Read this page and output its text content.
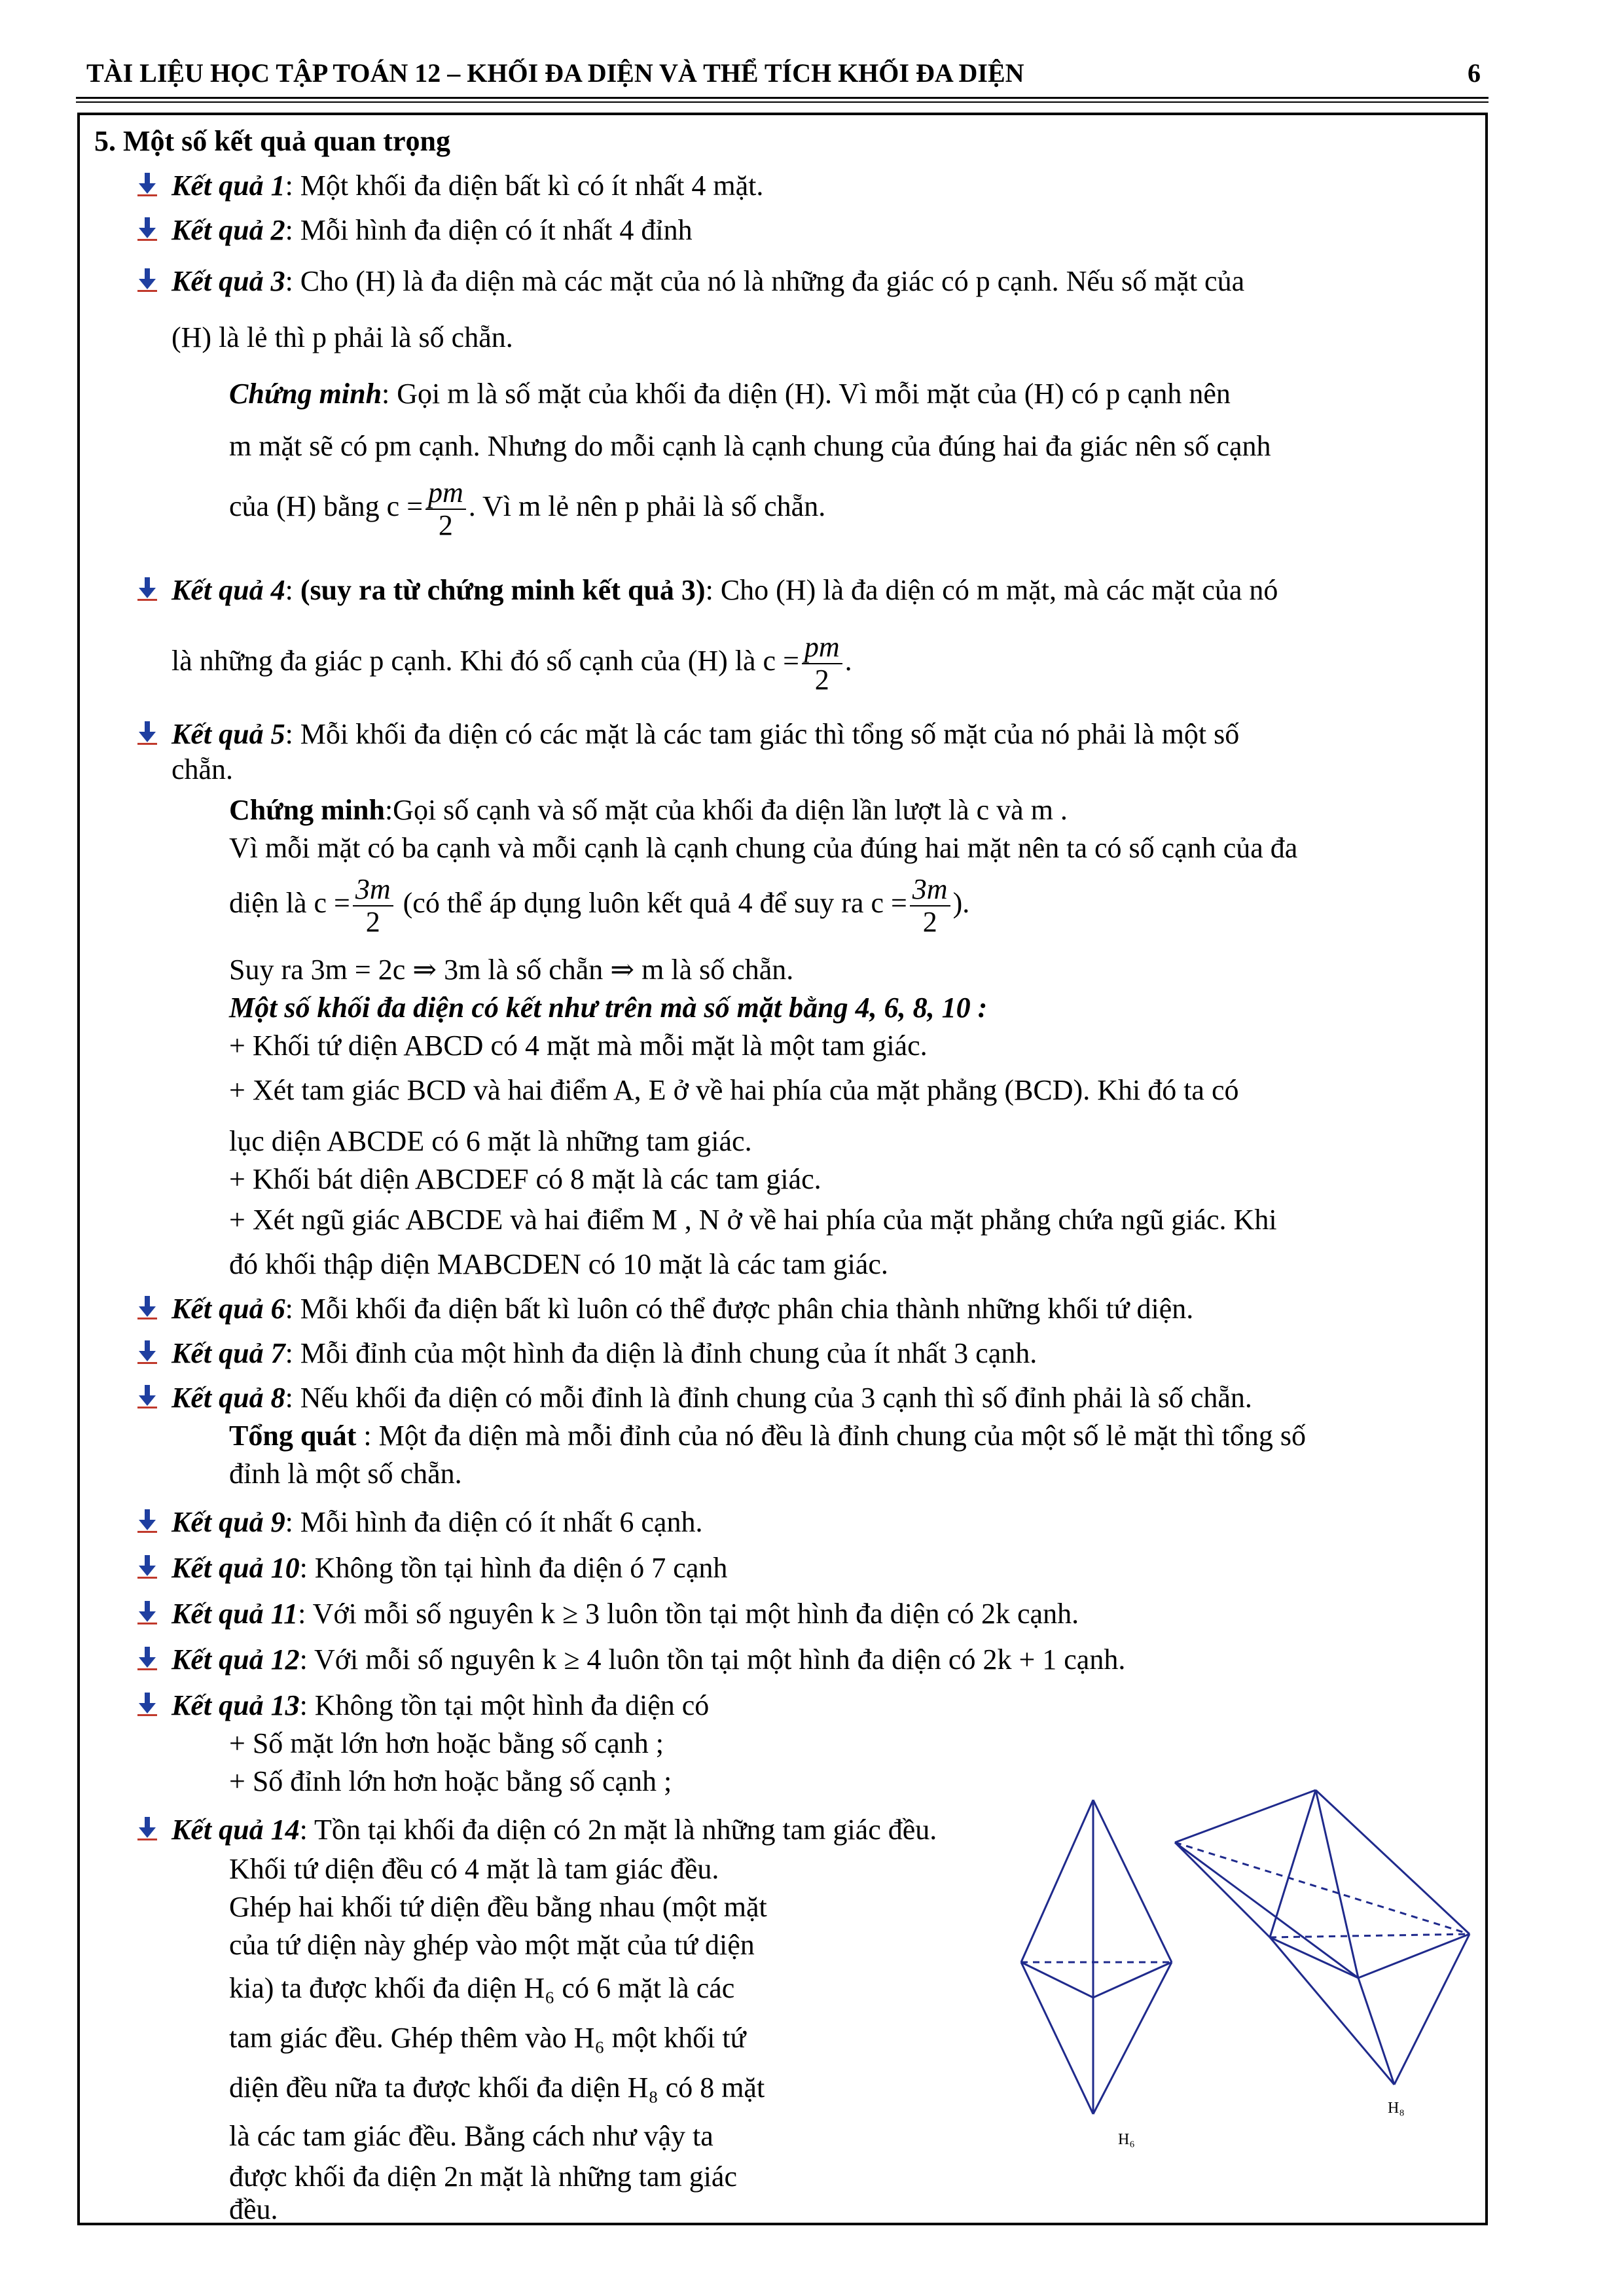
TÀI LIỆU HỌC TẬP TOÁN 12 – KHỐI ĐA DIỆN VÀ THỂ TÍCH KHỐI ĐA DIỆN	6
5. Một số kết quả quan trọng
Kết quả 1: Một khối đa diện bất kì có ít nhất 4 mặt.
Kết quả 2: Mỗi hình đa diện có ít nhất 4 đỉnh
Kết quả 3: Cho (H) là đa diện mà các mặt của nó là những đa giác có p cạnh. Nếu số mặt của
(H) là lẻ thì p phải là số chẵn.
Chứng minh: Gọi m là số mặt của khối đa diện (H). Vì mỗi mặt của (H) có p cạnh nên
m mặt sẽ có pm cạnh. Nhưng do mỗi cạnh là cạnh chung của đúng hai đa giác nên số cạnh
của (H) bằng $c = \frac{pm}{2}$ . Vì m lẻ nên p phải là số chẵn.
Kết quả 4: (suy ra từ chứng minh kết quả 3): Cho (H) là đa diện có m mặt, mà các mặt của nó
là những đa giác p cạnh. Khi đó số cạnh của (H) là $c = \frac{pm}{2}$ .
Kết quả 5: Mỗi khối đa diện có các mặt là các tam giác thì tổng số mặt của nó phải là một số
chẵn.
Chứng minh:Gọi số cạnh và số mặt của khối đa diện lần lượt là c và m .
Vì mỗi mặt có ba cạnh và mỗi cạnh là cạnh chung của đúng hai mặt nên ta có số cạnh của đa
diện là $c = \frac{3m}{2}$ (có thể áp dụng luôn kết quả 4 để suy ra $c = \frac{3m}{2}$ ).
Suy ra 3m = 2c ⇒ 3m là số chẵn ⇒ m là số chẵn.
Một số khối đa diện có kết như trên mà số mặt bằng 4, 6, 8, 10 :
+ Khối tứ diện ABCD có 4 mặt mà mỗi mặt là một tam giác.
+ Xét tam giác BCD và hai điểm A, E ở về hai phía của mặt phẳng (BCD). Khi đó ta có
lục diện ABCDE có 6 mặt là những tam giác.
+ Khối bát diện ABCDEF có 8 mặt là các tam giác.
+ Xét ngũ giác ABCDE và hai điểm M , N ở về hai phía của mặt phẳng chứa ngũ giác. Khi
đó khối thập diện MABCDEN có 10 mặt là các tam giác.
Kết quả 6: Mỗi khối đa diện bất kì luôn có thể được phân chia thành những khối tứ diện.
Kết quả 7: Mỗi đỉnh của một hình đa diện là đỉnh chung của ít nhất 3 cạnh.
Kết quả 8: Nếu khối đa diện có mỗi đỉnh là đỉnh chung của 3 cạnh thì số đỉnh phải là số chẵn.
Tổng quát : Một đa diện mà mỗi đỉnh của nó đều là đỉnh chung của một số lẻ mặt thì tổng số
đỉnh là một số chẵn.
Kết quả 9: Mỗi hình đa diện có ít nhất 6 cạnh.
Kết quả 10: Không tồn tại hình đa diện ó 7 cạnh
Kết quả 11: Với mỗi số nguyên k ≥ 3 luôn tồn tại một hình đa diện có 2k cạnh.
Kết quả 12: Với mỗi số nguyên k ≥ 4 luôn tồn tại một hình đa diện có 2k + 1 cạnh.
Kết quả 13: Không tồn tại một hình đa diện có
+ Số mặt lớn hơn hoặc bằng số cạnh ;
+ Số đỉnh lớn hơn hoặc bằng số cạnh ;
Kết quả 14: Tồn tại khối đa diện có 2n mặt là những tam giác đều.
Khối tứ diện đều có 4 mặt là tam giác đều.
Ghép hai khối tứ diện đều bằng nhau (một mặt
của tứ diện này ghép vào một mặt của tứ diện
kia) ta được khối đa diện H₆ có 6 mặt là các
tam giác đều. Ghép thêm vào H₆ một khối tứ
diện đều nữa ta được khối đa diện H₈ có 8 mặt
là các tam giác đều. Bằng cách như vậy ta
được khối đa diện 2n mặt là những tam giác
đều.
H₆
H₈
